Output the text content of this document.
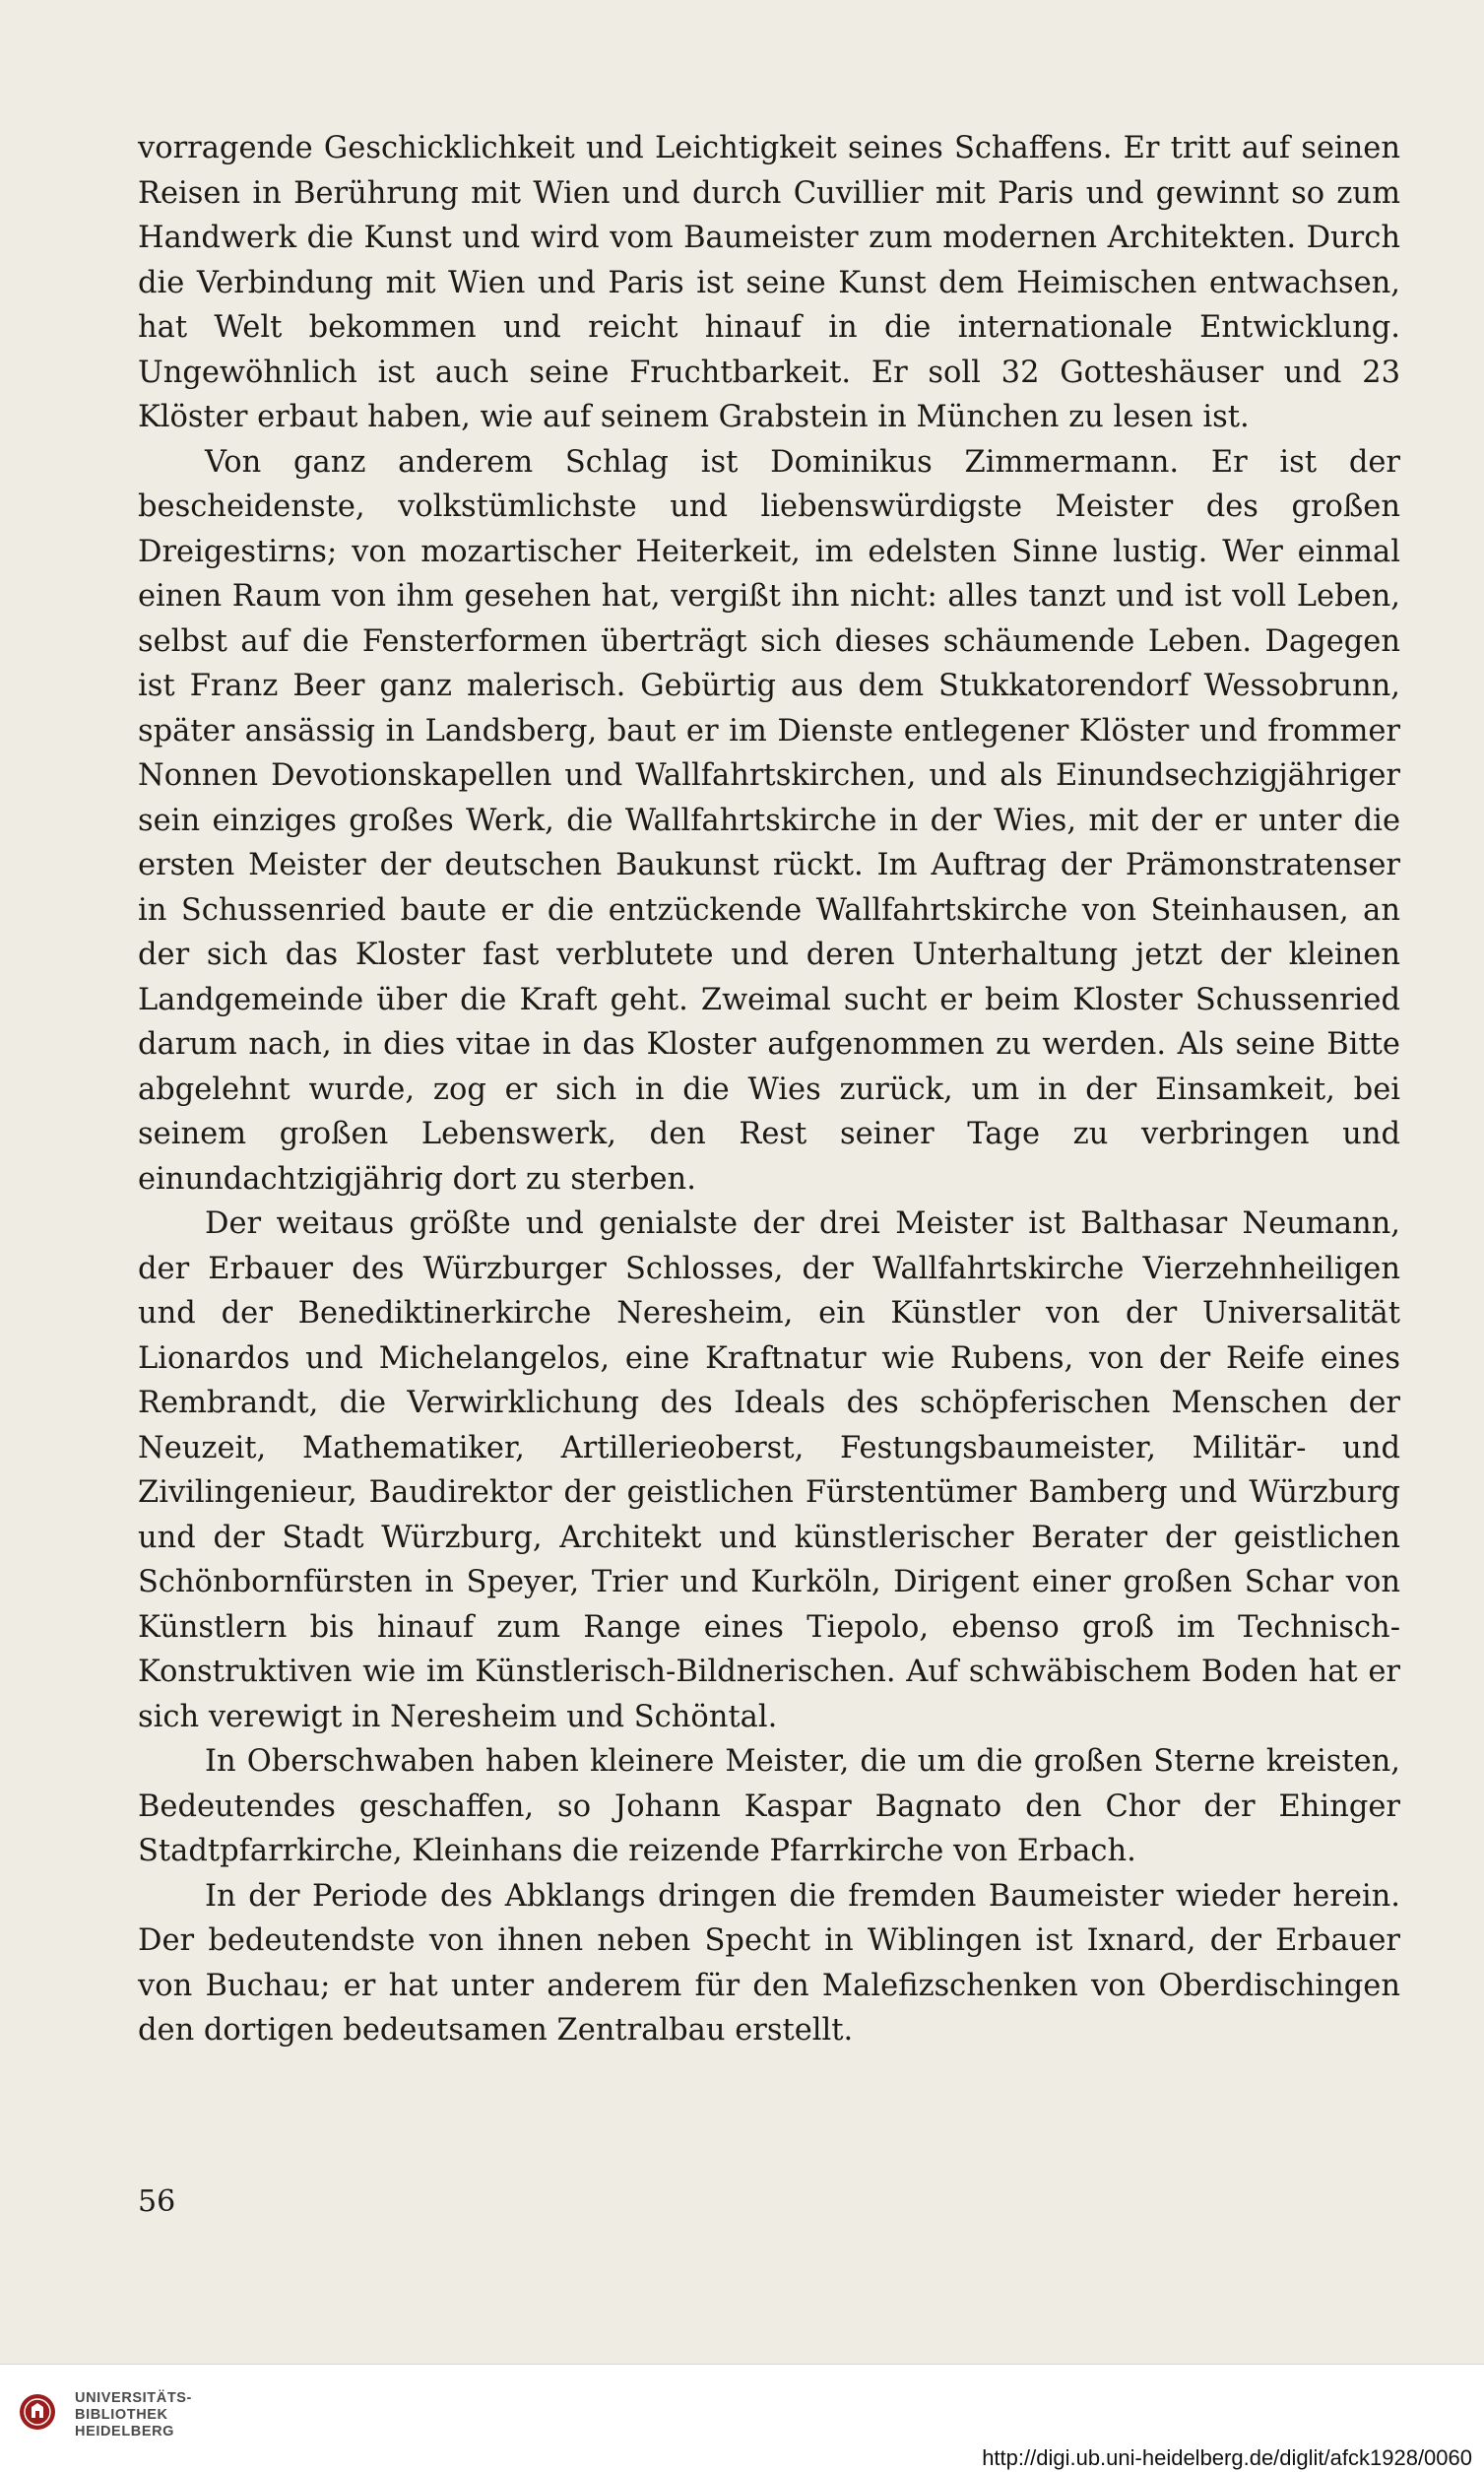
vorragende Geschicklichkeit und Leichtigkeit seines Schaffens. Er tritt auf seinen Reisen in Berührung mit Wien und durch Cuvillier mit Paris und gewinnt so zum Handwerk die Kunst und wird vom Baumeister zum modernen Architekten. Durch die Verbindung mit Wien und Paris ist seine Kunst dem Heimischen entwachsen, hat Welt bekommen und reicht hinauf in die internationale Entwicklung. Ungewöhnlich ist auch seine Fruchtbarkeit. Er soll 32 Gotteshäuser und 23 Klöster erbaut haben, wie auf seinem Grabstein in München zu lesen ist.

Von ganz anderem Schlag ist Dominikus Zimmermann. Er ist der bescheidenste, volkstümlichste und liebenswürdigste Meister des großen Dreigestirns; von mozartischer Heiterkeit, im edelsten Sinne lustig. Wer einmal einen Raum von ihm gesehen hat, vergißt ihn nicht: alles tanzt und ist voll Leben, selbst auf die Fensterformen überträgt sich dieses schäumende Leben. Dagegen ist Franz Beer ganz malerisch. Gebürtig aus dem Stukkatorendorf Wessobrunn, später ansässig in Landsberg, baut er im Dienste entlegener Klöster und frommer Nonnen Devotionskapellen und Wallfahrtskirchen, und als Einundsechzigjähriger sein einziges großes Werk, die Wallfahrtskirche in der Wies, mit der er unter die ersten Meister der deutschen Baukunst rückt. Im Auftrag der Prämonstratenser in Schussenried baute er die entzückende Wallfahrtskirche von Steinhausen, an der sich das Kloster fast verblutete und deren Unterhaltung jetzt der kleinen Landgemeinde über die Kraft geht. Zweimal sucht er beim Kloster Schussenried darum nach, in dies vitae in das Kloster aufgenommen zu werden. Als seine Bitte abgelehnt wurde, zog er sich in die Wies zurück, um in der Einsamkeit, bei seinem großen Lebenswerk, den Rest seiner Tage zu verbringen und einundachtzigjährig dort zu sterben.

Der weitaus größte und genialste der drei Meister ist Balthasar Neumann, der Erbauer des Würzburger Schlosses, der Wallfahrtskirche Vierzehnheiligen und der Benediktinerkirche Neresheim, ein Künstler von der Universalität Lionardos und Michelangelos, eine Kraftnatur wie Rubens, von der Reife eines Rembrandt, die Verwirklichung des Ideals des schöpferischen Menschen der Neuzeit, Mathematiker, Artillerieoberst, Festungsbaumeister, Militär- und Zivilingenieur, Baudirektor der geistlichen Fürstentümer Bamberg und Würzburg und der Stadt Würzburg, Architekt und künstlerischer Berater der geistlichen Schönbornfürsten in Speyer, Trier und Kurköln, Dirigent einer großen Schar von Künstlern bis hinauf zum Range eines Tiepolo, ebenso groß im Technisch-Konstruktiven wie im Künstlerisch-Bildnerischen. Auf schwäbischem Boden hat er sich verewigt in Neresheim und Schöntal.

In Oberschwaben haben kleinere Meister, die um die großen Sterne kreisten, Bedeutendes geschaffen, so Johann Kaspar Bagnato den Chor der Ehinger Stadtpfarrkirche, Kleinhans die reizende Pfarrkirche von Erbach.

In der Periode des Abklangs dringen die fremden Baumeister wieder herein. Der bedeutendste von ihnen neben Specht in Wiblingen ist Ixnard, der Erbauer von Buchau; er hat unter anderem für den Malefizschenken von Oberdischingen den dortigen bedeutsamen Zentralbau erstellt.

56
UNIVERSITÄTS-
BIBLIOTHEK
HEIDELBERG
http://digi.ub.uni-heidelberg.de/diglit/afck1928/0060
